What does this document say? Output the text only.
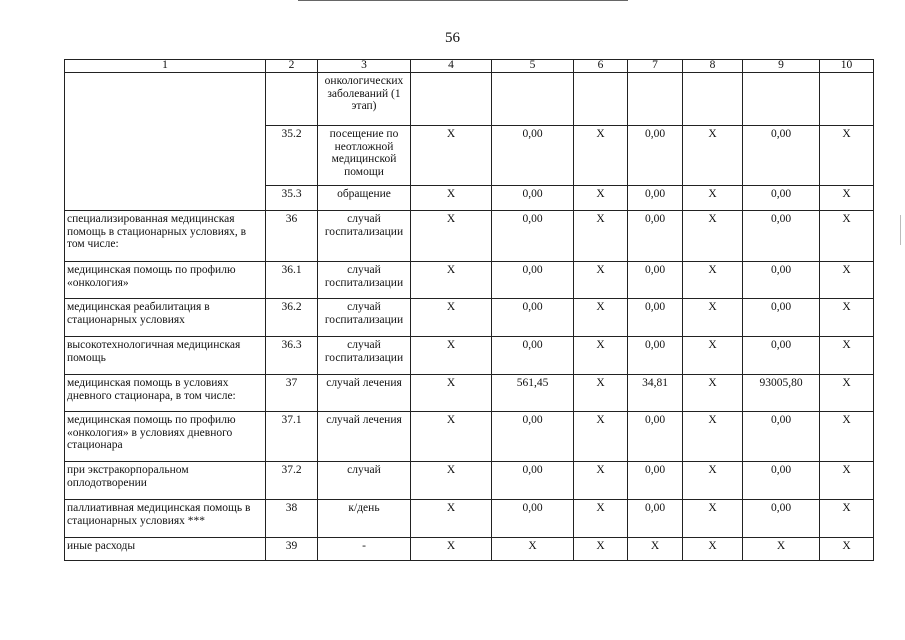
56
1	2	3	4	5	6	7	8	9	10
		онкологических заболеваний (1 этап)							
	35.2	посещение по неотложной медицинской помощи	Х	0,00	Х	0,00	Х	0,00	Х
	35.3	обращение	Х	0,00	Х	0,00	Х	0,00	Х
специализированная медицинская помощь в стационарных условиях, в том числе:	36	случай госпитализации	Х	0,00	Х	0,00	Х	0,00	Х
медицинская помощь по профилю «онкология»	36.1	случай госпитализации	Х	0,00	Х	0,00	Х	0,00	Х
медицинская реабилитация в стационарных условиях	36.2	случай госпитализации	Х	0,00	Х	0,00	Х	0,00	Х
высокотехнологичная медицинская помощь	36.3	случай госпитализации	Х	0,00	Х	0,00	Х	0,00	Х
медицинская помощь в условиях дневного стационара, в том числе:	37	случай лечения	Х	561,45	Х	34,81	Х	93005,80	Х
медицинская помощь по профилю «онкология» в условиях дневного стационара	37.1	случай лечения	Х	0,00	Х	0,00	Х	0,00	Х
при экстракорпоральном оплодотворении	37.2	случай	Х	0,00	Х	0,00	Х	0,00	Х
паллиативная медицинская помощь в стационарных условиях ***	38	к/день	Х	0,00	Х	0,00	Х	0,00	Х
иные расходы	39	-	Х	Х	Х	Х	Х	Х	Х
